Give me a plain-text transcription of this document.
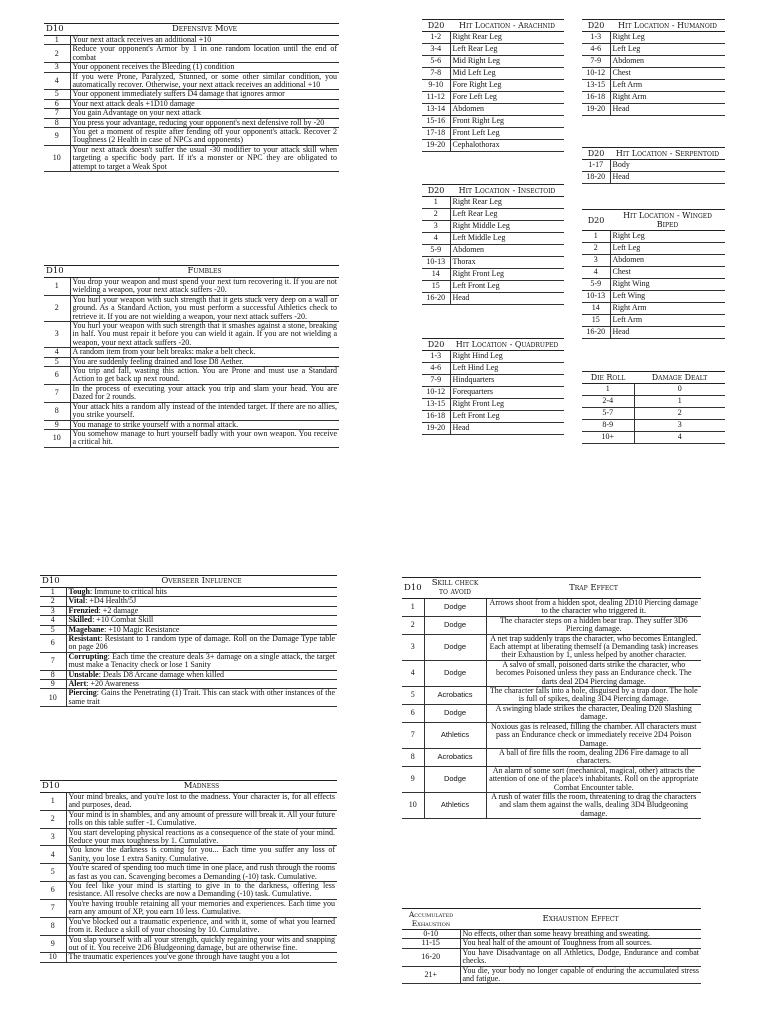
D10	Defensive Move
1	Your next attack receives an additional +10
2	Reduce your opponent's Armor by 1 in one random location until the end of combat
3	Your opponent receives the Bleeding (1) condition
4	If you were Prone, Paralyzed, Stunned, or some other similar condition, you automatically recover. Otherwise, your next attack receives an additional +10
5	Your opponent immediately suffers D4 damage that ignores armor
6	Your next attack deals +1D10 damage
7	You gain Advantage on your next attack
8	You press your advantage, reducing your opponent's next defensive roll by -20
9	You get a moment of respite after fending off your opponent's attack. Recover 2 Toughness (2 Health in case of NPCs and opponents)
10	Your next attack doesn't suffer the usual -30 modifier to your attack skill when targeting a specific body part. If it's a monster or NPC they are obligated to attempt to target a Weak Spot
D10	Fumbles
1	You drop your weapon and must spend your next turn recovering it. If you are not wielding a weapon, your next attack suffers -20.
2	You hurl your weapon with such strength that it gets stuck very deep on a wall or ground. As a Standard Action, you must perform a successful Athletics check to retrieve it. If you are not wielding a weapon, your next attack suffers -20.
3	You hurl your weapon with such strength that it smashes against a stone, breaking in half. You must repair it before you can wield it again. If you are not wielding a weapon, your next attack suffers -20.
4	A random item from your belt breaks: make a belt check.
5	You are suddenly feeling drained and lose D8 Aether.
6	You trip and fall, wasting this action. You are Prone and must use a Standard Action to get back up next round.
7	In the process of executing your attack you trip and slam your head. You are Dazed for 2 rounds.
8	Your attack hits a random ally instead of the intended target. If there are no allies, you strike yourself.
9	You manage to strike yourself with a normal attack.
10	You somehow manage to hurt yourself badly with your own weapon. You receive a critical hit.
D20	Hit Location - Arachnid
1-2	Right Rear Leg
3-4	Left Rear Leg
5-6	Mid Right Leg
7-8	Mid Left Leg
9-10	Fore Right Leg
11-12	Fore Left Leg
13-14	Abdomen
15-16	Front Right Leg
17-18	Front Left Leg
19-20	Cephalothorax
D20	Hit Location - Humanoid
1-3	Right Leg
4-6	Left Leg
7-9	Abdomen
10-12	Chest
13-15	Left Arm
16-18	Right Arm
19-20	Head
D20	Hit Location - Serpentoid
1-17	Body
18-20	Head
D20	Hit Location - Insectoid
1	Right Rear Leg
2	Left Rear Leg
3	Right Middle Leg
4	Left Middle Leg
5-9	Abdomen
10-13	Thorax
14	Right Front Leg
15	Left Front Leg
16-20	Head
D20	Hit Location - Winged Biped
1	Right Leg
2	Left Leg
3	Abdomen
4	Chest
5-9	Right Wing
10-13	Left Wing
14	Right Arm
15	Left Arm
16-20	Head
D20	Hit Location - Quadruped
1-3	Right Hind Leg
4-6	Left Hind Leg
7-9	Hindquarters
10-12	Forequarters
13-15	Right Front Leg
16-18	Left Front Leg
19-20	Head
Die Roll	Damage Dealt
1	0
2-4	1
5-7	2
8-9	3
10+	4
D10	Overseer Influence
1	Tough: Immune to critical hits
2	Vital: +D4 Health/5J
3	Frenzied: +2 damage
4	Skilled: +10 Combat Skill
5	Magebane: +10 Magic Resistance
6	Resistant: Resistant to 1 random type of damage. Roll on the Damage Type table on page 206
7	Corrupting: Each time the creature deals 3+ damage on a single attack, the target must make a Tenacity check or lose 1 Sanity
8	Unstable: Deals D8 Arcane damage when killed
9	Alert: +20 Awareness
10	Piercing: Gains the Penetrating (1) Trait. This can stack with other instances of the same trait
D10	Madness
1	Your mind breaks, and you're lost to the madness. Your character is, for all effects and purposes, dead.
2	Your mind is in shambles, and any amount of pressure will break it. All your future rolls on this table suffer -1. Cumulative.
3	You start developing physical reactions as a consequence of the state of your mind. Reduce your max toughness by 1. Cumulative.
4	You know the darkness is coming for you... Each time you suffer any loss of Sanity, you lose 1 extra Sanity. Cumulative.
5	You're scared of spending too much time in one place, and rush through the rooms as fast as you can. Scavenging becomes a Demanding (-10) task. Cumulative.
6	You feel like your mind is starting to give in to the darkness, offering less resistance. All resolve checks are now a Demanding (-10) task. Cumulative.
7	You're having trouble retaining all your memories and experiences. Each time you earn any amount of XP, you earn 10 less. Cumulative.
8	You've blocked out a traumatic experience, and with it, some of what you learned from it. Reduce a skill of your choosing by 10. Cumulative.
9	You slap yourself with all your strength, quickly regaining your wits and snapping out of it. You receive 2D6 Bludgeoning damage, but are otherwise fine.
10	The traumatic experiences you've gone through have taught you a lot
D10	Skill check to avoid	Trap Effect
1	Dodge	Arrows shoot from a hidden spot, dealing 2D10 Piercing damage to the character who triggered it.
2	Dodge	The character steps on a hidden bear trap. They suffer 3D6 Piercing damage.
3	Dodge	A net trap suddenly traps the character, who becomes Entangled. Each attempt at liberating themself (a Demanding task) increases their Exhaustion by 1, unless helped by another character.
4	Dodge	A salvo of small, poisoned darts strike the character, who becomes Poisoned unless they pass an Endurance check. The darts deal 2D4 Piercing damage.
5	Acrobatics	The character falls into a hole, disguised by a trap door. The hole is full of spikes, dealing 3D4 Piercing damage.
6	Dodge	A swinging blade strikes the character, Dealing D20 Slashing damage.
7	Athletics	Noxious gas is released, filling the chamber. All characters must pass an Endurance check or immediately receive 2D4 Poison Damage.
8	Acrobatics	A ball of fire fills the room, dealing 2D6 Fire damage to all characters.
9	Dodge	An alarm of some sort (mechanical, magical, other) attracts the attention of one of the place's inhabitants. Roll on the appropriate Combat Encounter table.
10	Athletics	A rush of water fills the room, threatening to drag the characters and slam them against the walls, dealing 3D4 Bludgeoning damage.
Accumulated Exhaustion	Exhaustion Effect
0-10	No effects, other than some heavy breathing and sweating.
11-15	You heal half of the amount of Toughness from all sources.
16-20	You have Disadvantage on all Athletics, Dodge, Endurance and combat checks.
21+	You die, your body no longer capable of enduring the accumulated stress and fatigue.
